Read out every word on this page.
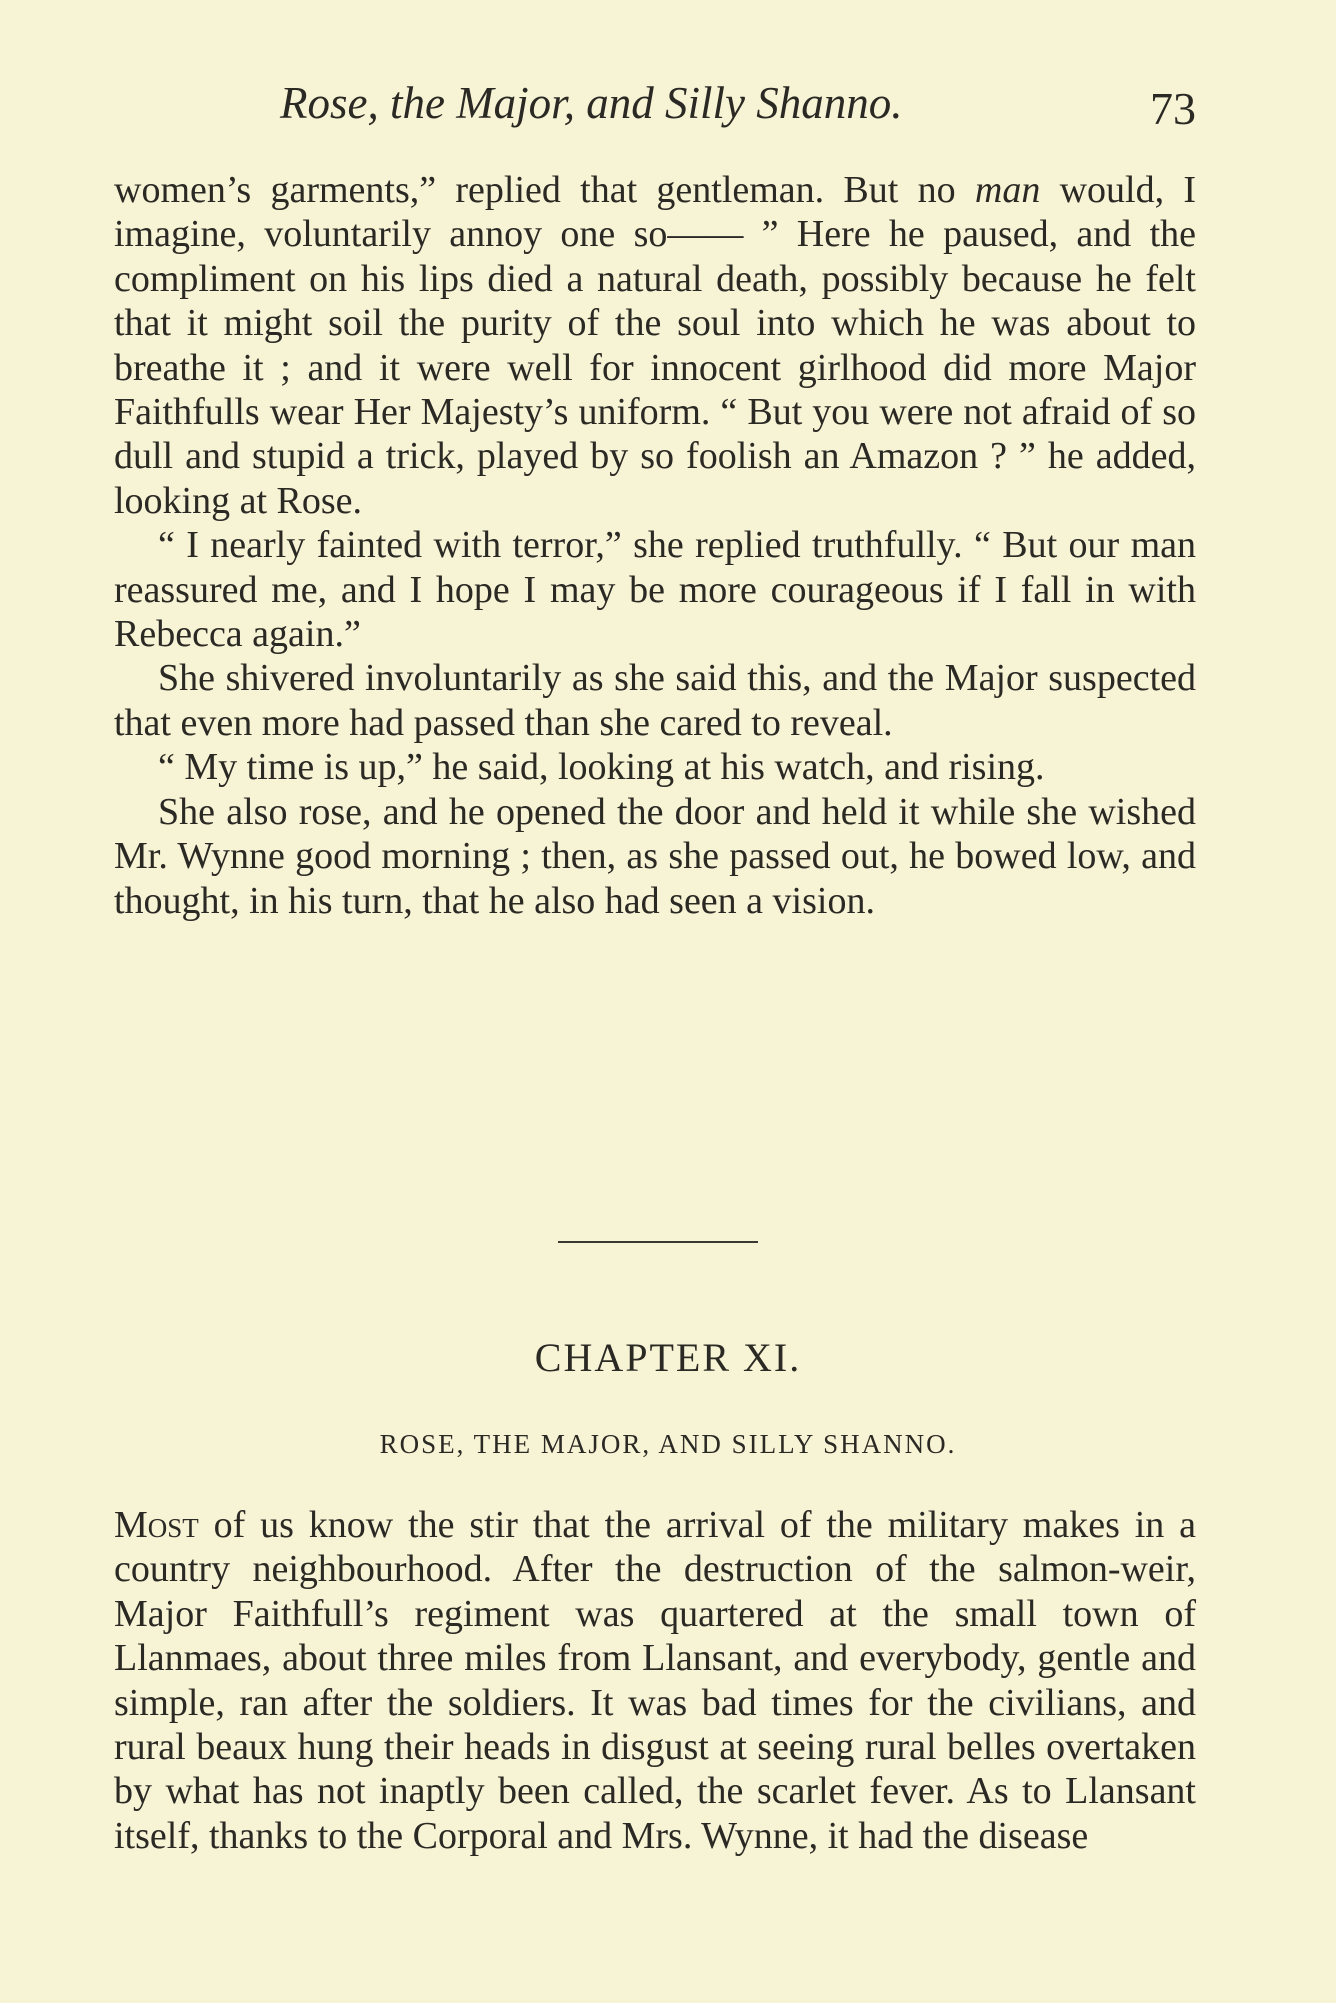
Rose, the Major, and Silly Shanno.	73

women’s garments,” replied that gentleman. But no man would, I imagine, voluntarily annoy one so—— ” Here he paused, and the compliment on his lips died a natural death, possibly because he felt that it might soil the purity of the soul into which he was about to breathe it ; and it were well for innocent girlhood did more Major Faithfulls wear Her Majesty’s uniform. “ But you were not afraid of so dull and stupid a trick, played by so foolish an Amazon ? ” he added, looking at Rose.

“ I nearly fainted with terror,” she replied truthfully. “ But our man reassured me, and I hope I may be more courageous if I fall in with Rebecca again.”

She shivered involuntarily as she said this, and the Major suspected that even more had passed than she cared to reveal.

“ My time is up,” he said, looking at his watch, and rising.

She also rose, and he opened the door and held it while she wished Mr. Wynne good morning ; then, as she passed out, he bowed low, and thought, in his turn, that he also had seen a vision.

CHAPTER XI.
ROSE, THE MAJOR, AND SILLY SHANNO.

Most of us know the stir that the arrival of the military makes in a country neighbourhood. After the destruction of the salmon-weir, Major Faithfull’s regiment was quartered at the small town of Llanmaes, about three miles from Llansant, and everybody, gentle and simple, ran after the soldiers. It was bad times for the civilians, and rural beaux hung their heads in disgust at seeing rural belles overtaken by what has not inaptly been called, the scarlet fever. As to Llansant itself, thanks to the Corporal and Mrs. Wynne, it had the disease
